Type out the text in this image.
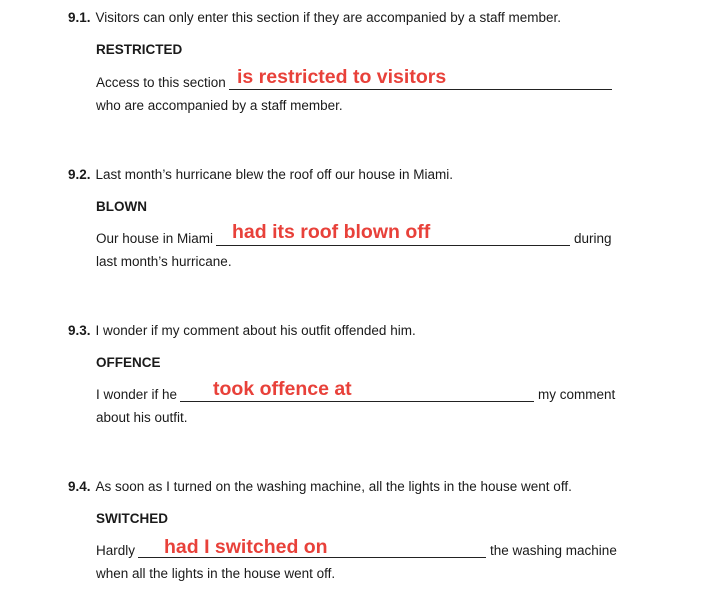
9.1. Visitors can only enter this section if they are accompanied by a staff member.
RESTRICTED
Access to this section is restricted to visitors
who are accompanied by a staff member.
9.2. Last month’s hurricane blew the roof off our house in Miami.
BLOWN
Our house in Miami had its roof blown off	during
last month’s hurricane.
9.3. I wonder if my comment about his outfit offended him.
OFFENCE
I wonder if he took offence at	my comment
about his outfit.
9.4. As soon as I turned on the washing machine, all the lights in the house went off.
SWITCHED
Hardly had I switched on	the washing machine
when all the lights in the house went off.
